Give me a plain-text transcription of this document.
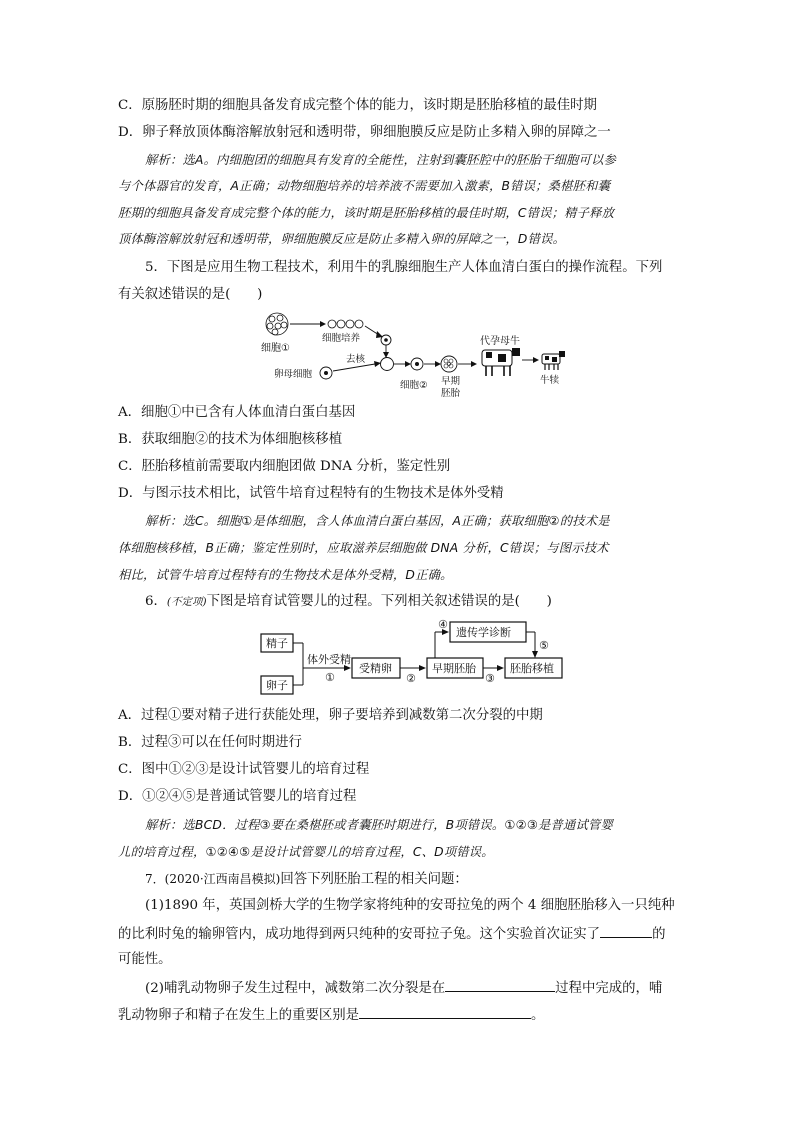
C．原肠胚时期的细胞具备发育成完整个体的能力，该时期是胚胎移植的最佳时期
D．卵子释放顶体酶溶解放射冠和透明带，卵细胞膜反应是防止多精入卵的屏障之一
解析：选A。内细胞团的细胞具有发育的全能性，注射到囊胚腔中的胚胎干细胞可以参
与个体器官的发育，A正确；动物细胞培养的培养液不需要加入激素，B错误；桑椹胚和囊
胚期的细胞具备发育成完整个体的能力，该时期是胚胎移植的最佳时期，C错误；精子释放
顶体酶溶解放射冠和透明带，卵细胞膜反应是防止多精入卵的屏障之一，D错误。
5．下图是应用生物工程技术，利用牛的乳腺细胞生产人体血清白蛋白的操作流程。下列
有关叙述错误的是(　　)
细胞①
细胞培养
卵母细胞
去核
细胞② 早期
胚胎
代孕母牛
牛犊
A．细胞①中已含有人体血清白蛋白基因
B．获取细胞②的技术为体细胞核移植
C．胚胎移植前需要取内细胞团做 DNA 分析，鉴定性别
D．与图示技术相比，试管牛培育过程特有的生物技术是体外受精
解析：选C。细胞①是体细胞，含人体血清白蛋白基因，A正确；获取细胞②的技术是
体细胞核移植，B正确；鉴定性别时，应取滋养层细胞做 DNA 分析，C错误；与图示技术
相比，试管牛培育过程特有的生物技术是体外受精，D正确。
6．(不定项)下图是培育试管婴儿的过程。下列相关叙述错误的是(　　)
精子
卵子
体外受精
①
受精卵
②
早期胚胎
③
胚胎移植
④
遗传学诊断
⑤
A．过程①要对精子进行获能处理，卵子要培养到减数第二次分裂的中期
B．过程③可以在任何时期进行
C．图中①②③是设计试管婴儿的培育过程
D．①②④⑤是普通试管婴儿的培育过程
解析：选BCD．过程③要在桑椹胚或者囊胚时期进行，B项错误。①②③是普通试管婴
儿的培育过程，①②④⑤是设计试管婴儿的培育过程，C、D项错误。
7．(2020·江西南昌模拟)回答下列胚胎工程的相关问题：
(1)1890 年，英国剑桥大学的生物学家将纯种的安哥拉兔的两个 4 细胞胚胎移入一只纯种
的比利时兔的输卵管内，成功地得到两只纯种的安哥拉子兔。这个实验首次证实了	的
可能性。
(2)哺乳动物卵子发生过程中，减数第二次分裂是在	过程中完成的，哺
乳动物卵子和精子在发生上的重要区别是	。
